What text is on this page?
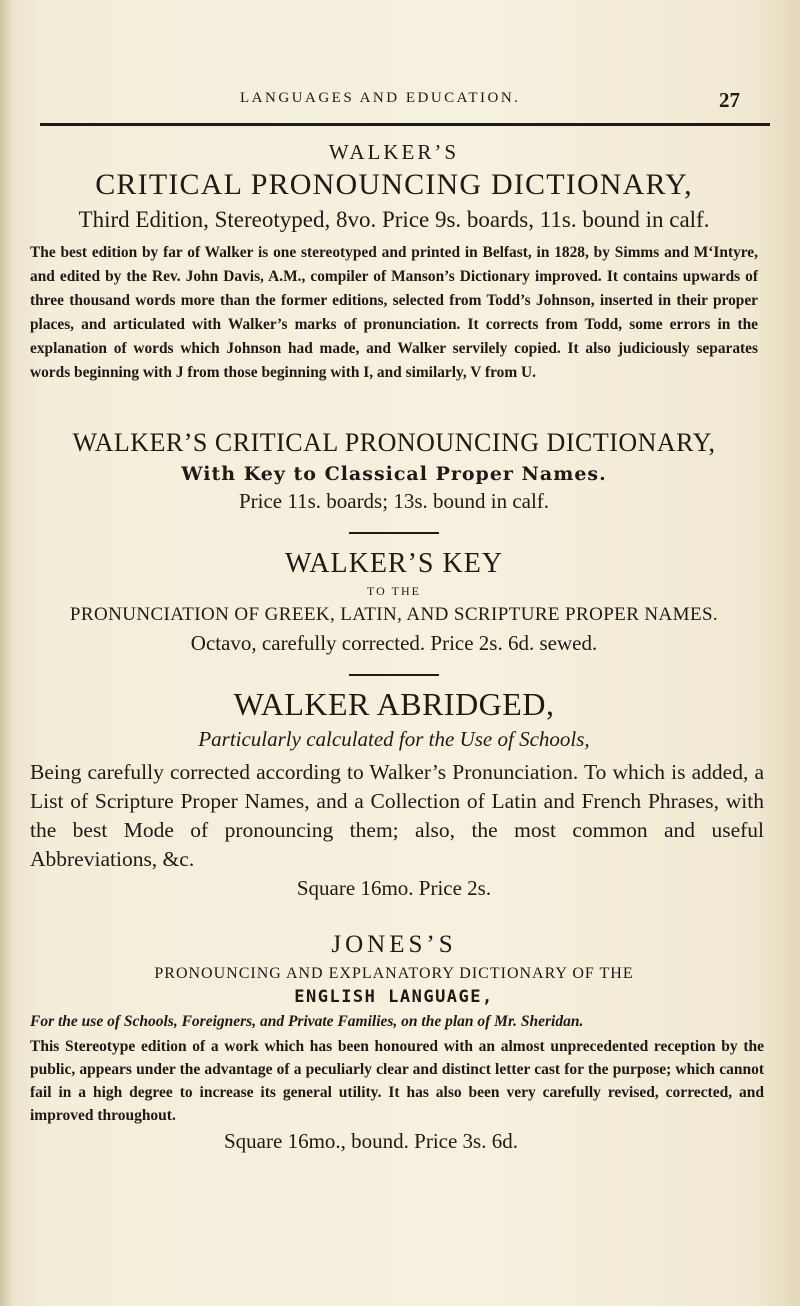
LANGUAGES AND EDUCATION.	27
WALKER’S
CRITICAL PRONOUNCING DICTIONARY,
Third Edition, Stereotyped, 8vo. Price 9s. boards, 11s. bound in calf.
The best edition by far of Walker is one stereotyped and printed in Belfast, in 1828, by Simms and M‘Intyre, and edited by the Rev. John Davis, A.M., compiler of Manson’s Dictionary improved. It contains upwards of three thousand words more than the former editions, selected from Todd’s Johnson, inserted in their proper places, and articulated with Walker’s marks of pronunciation. It corrects from Todd, some errors in the explanation of words which Johnson had made, and Walker servilely copied. It also judiciously separates words beginning with J from those beginning with I, and similarly, V from U.
WALKER’S CRITICAL PRONOUNCING DICTIONARY,
With Key to Classical Proper Names.
Price 11s. boards; 13s. bound in calf.
WALKER’S KEY
TO THE
PRONUNCIATION OF GREEK, LATIN, AND SCRIPTURE PROPER NAMES.
Octavo, carefully corrected. Price 2s. 6d. sewed.
WALKER ABRIDGED,
Particularly calculated for the Use of Schools,
Being carefully corrected according to Walker’s Pronunciation. To which is added, a List of Scripture Proper Names, and a Collection of Latin and French Phrases, with the best Mode of pronouncing them; also, the most common and useful Abbreviations, &c.
Square 16mo. Price 2s.
JONES’S
PRONOUNCING AND EXPLANATORY DICTIONARY OF THE
ENGLISH LANGUAGE,
For the use of Schools, Foreigners, and Private Families, on the plan of Mr. Sheridan.
This Stereotype edition of a work which has been honoured with an almost unprecedented reception by the public, appears under the advantage of a peculiarly clear and distinct letter cast for the purpose; which cannot fail in a high degree to increase its general utility. It has also been very carefully revised, corrected, and improved throughout.
Square 16mo., bound. Price 3s. 6d.
